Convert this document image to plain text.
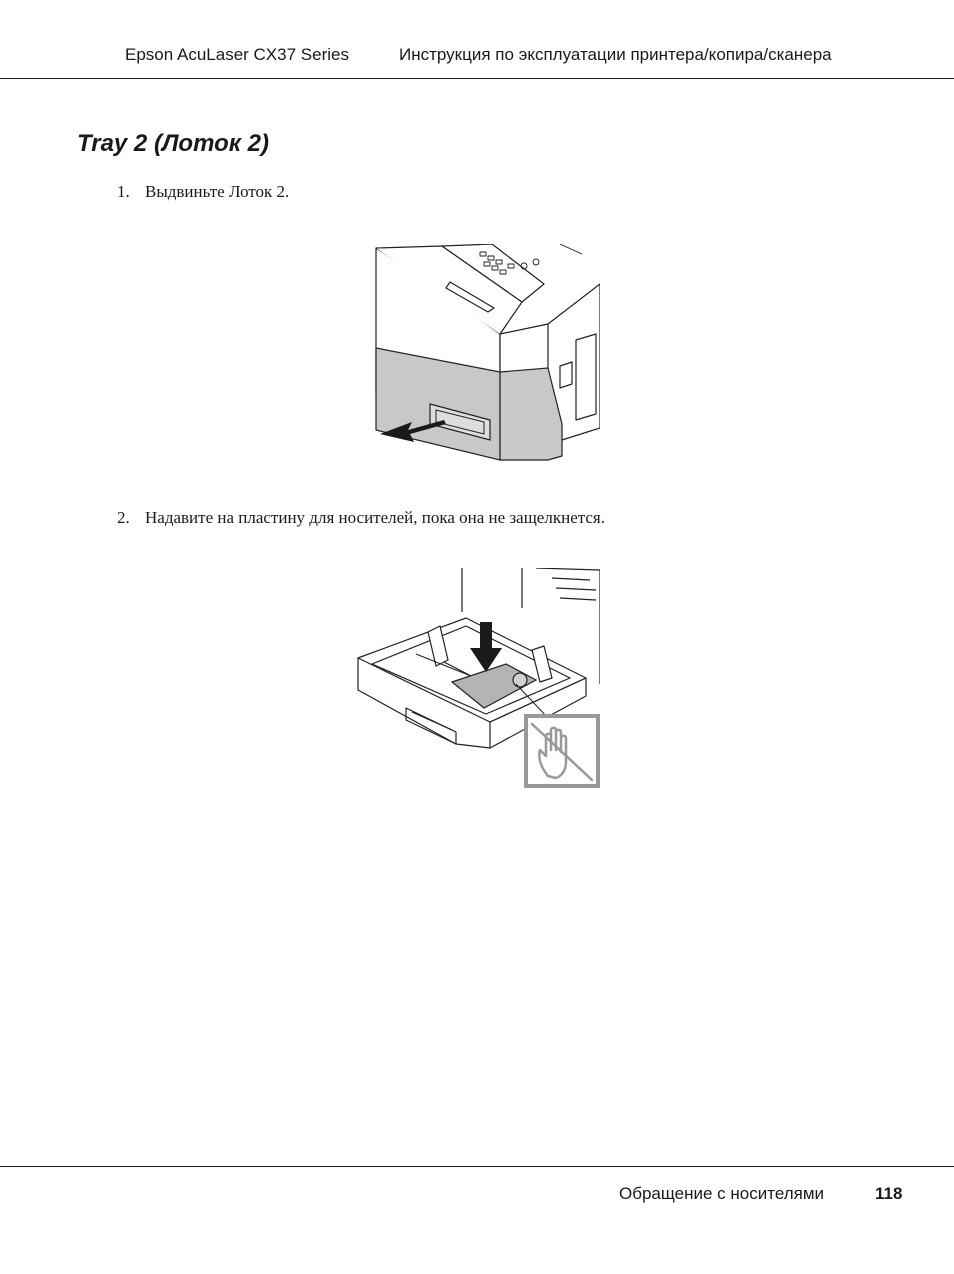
Epson AcuLaser CX37 Series	Инструкция по эксплуатации принтера/копира/сканера
Tray 2 (Лоток 2)
1. Выдвиньте Лоток 2.
2. Надавите на пластину для носителей, пока она не защелкнется.
Обращение с носителями	118
